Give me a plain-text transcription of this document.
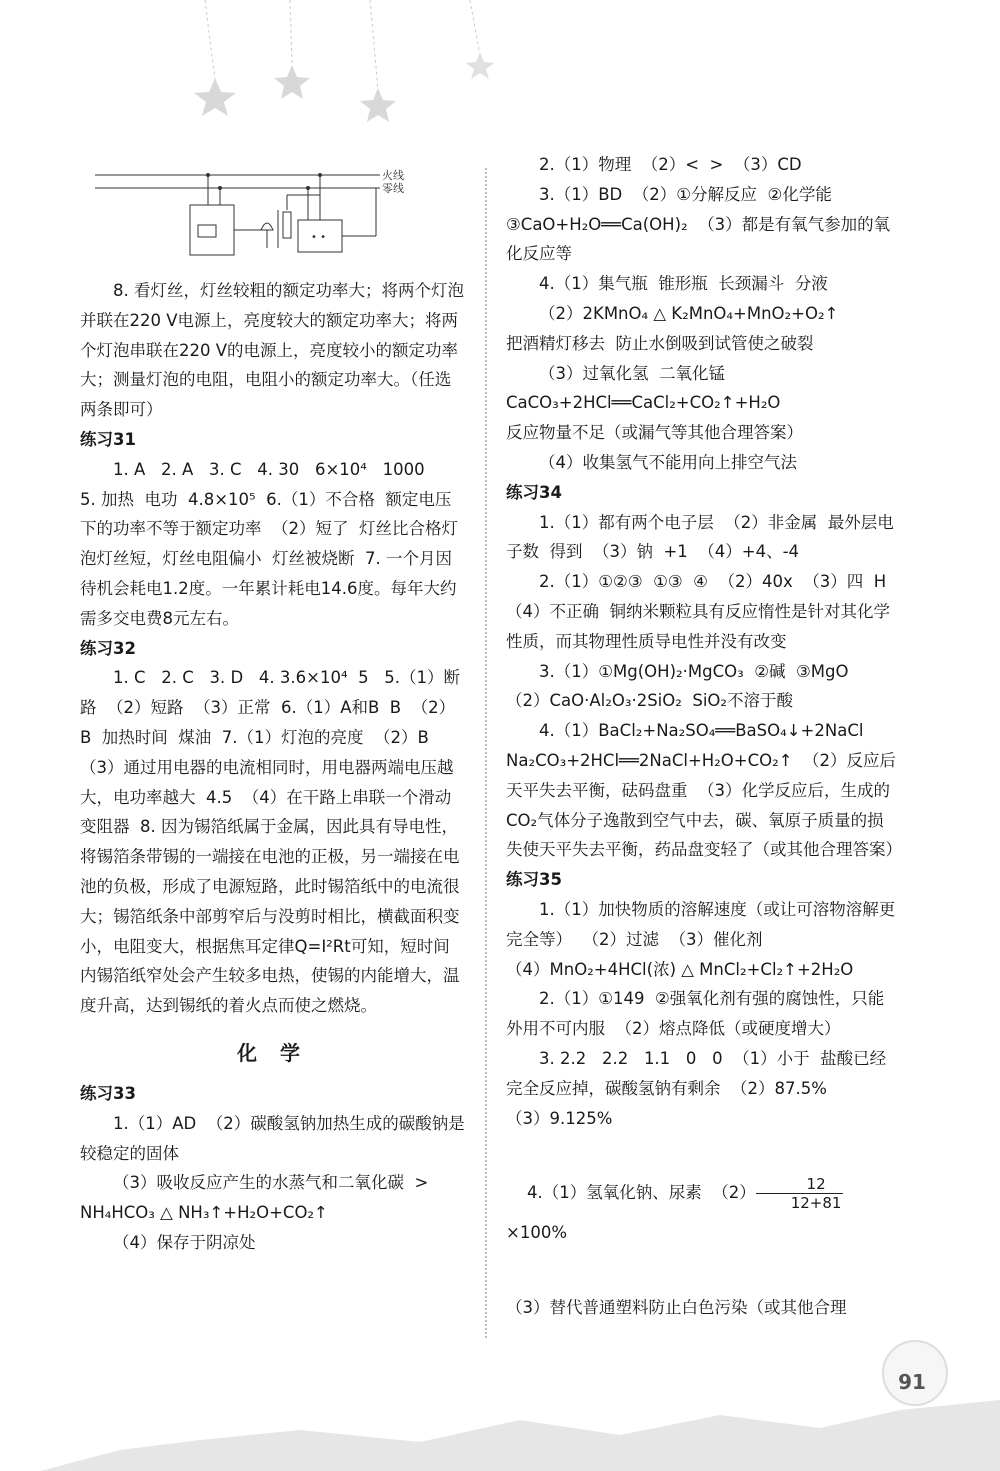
火线
零线
• •

8. 看灯丝，灯丝较粗的额定功率大；将两个灯泡并联在220 V电源上，亮度较大的额定功率大；将两个灯泡串联在220 V的电源上，亮度较小的额定功率大；测量灯泡的电阻，电阻小的额定功率大。（任选两条即可）

练习31

1. A   2. A   3. C   4. 30   6×10⁴   1000

5. 加热  电功  4.8×10⁵  6.（1）不合格  额定电压下的功率不等于额定功率  （2）短了  灯丝比合格灯泡灯丝短，灯丝电阻偏小  灯丝被烧断  7. 一个月因待机会耗电1.2度。一年累计耗电14.6度。每年大约需多交电费8元左右。

练习32

1. C   2. C   3. D   4. 3.6×10⁴  5   5.（1）断路  （2）短路  （3）正常  6.（1）A和B  B  （2）B  加热时间  煤油  7.（1）灯泡的亮度  （2）B  （3）通过用电器的电流相同时，用电器两端电压越大，电功率越大  4.5  （4）在干路上串联一个滑动变阻器  8. 因为锡箔纸属于金属，因此具有导电性，将锡箔条带锡的一端接在电池的正极，另一端接在电池的负极，形成了电源短路，此时锡箔纸中的电流很大；锡箔纸条中部剪窄后与没剪时相比，横截面积变小，电阻变大，根据焦耳定律Q=I²Rt可知，短时间内锡箔纸窄处会产生较多电热，使锡的内能增大，温度升高，达到锡纸的着火点而使之燃烧。

化 学

练习33

1.（1）AD  （2）碳酸氢钠加热生成的碳酸钠是较稳定的固体

（3）吸收反应产生的水蒸气和二氧化碳  >

NH₄HCO₃ △ NH₃↑+H₂O+CO₂↑

（4）保存于阴凉处

2.（1）物理  （2）<  >  （3）CD

3.（1）BD  （2）①分解反应  ②化学能  ③CaO+H₂O══Ca(OH)₂  （3）都是有氧气参加的氧化反应等

4.（1）集气瓶  锥形瓶  长颈漏斗  分液

（2）2KMnO₄ △ K₂MnO₄+MnO₂+O₂↑

把酒精灯移去  防止水倒吸到试管使之破裂

（3）过氧化氢  二氧化锰

CaCO₃+2HCl══CaCl₂+CO₂↑+H₂O

反应物量不足（或漏气等其他合理答案）

（4）收集氢气不能用向上排空气法

练习34

1.（1）都有两个电子层  （2）非金属  最外层电子数  得到  （3）钠  +1  （4）+4、-4

2.（1）①②③  ①③  ④  （2）40x  （3）四  H  （4）不正确  铜纳米颗粒具有反应惰性是针对其化学性质，而其物理性质导电性并没有改变

3.（1）①Mg(OH)₂·MgCO₃  ②碱  ③MgO

（2）CaO·Al₂O₃·2SiO₂  SiO₂不溶于酸

4.（1）BaCl₂+Na₂SO₄══BaSO₄↓+2NaCl  Na₂CO₃+2HCl══2NaCl+H₂O+CO₂↑  （2）反应后天平失去平衡，砝码盘重  （3）化学反应后，生成的CO₂气体分子逸散到空气中去，碳、氧原子质量的损失使天平失去平衡，药品盘变轻了（或其他合理答案）

练习35

1.（1）加快物质的溶解速度（或让可溶物溶解更完全等）  （2）过滤  （3）催化剂

（4）MnO₂+4HCl(浓) △ MnCl₂+Cl₂↑+2H₂O

2.（1）①149  ②强氧化剂有强的腐蚀性，只能外用不可内服  （2）熔点降低（或硬度增大）

3. 2.2   2.2   1.1   0   0  （1）小于  盐酸已经完全反应掉，碳酸氢钠有剩余  （2）87.5%

（3）9.125%

4.（1）氢氧化钠、尿素  $(2) \frac{12}{12+81}$
×100%

（3）替代普通塑料防止白色污染（或其他合理

91
